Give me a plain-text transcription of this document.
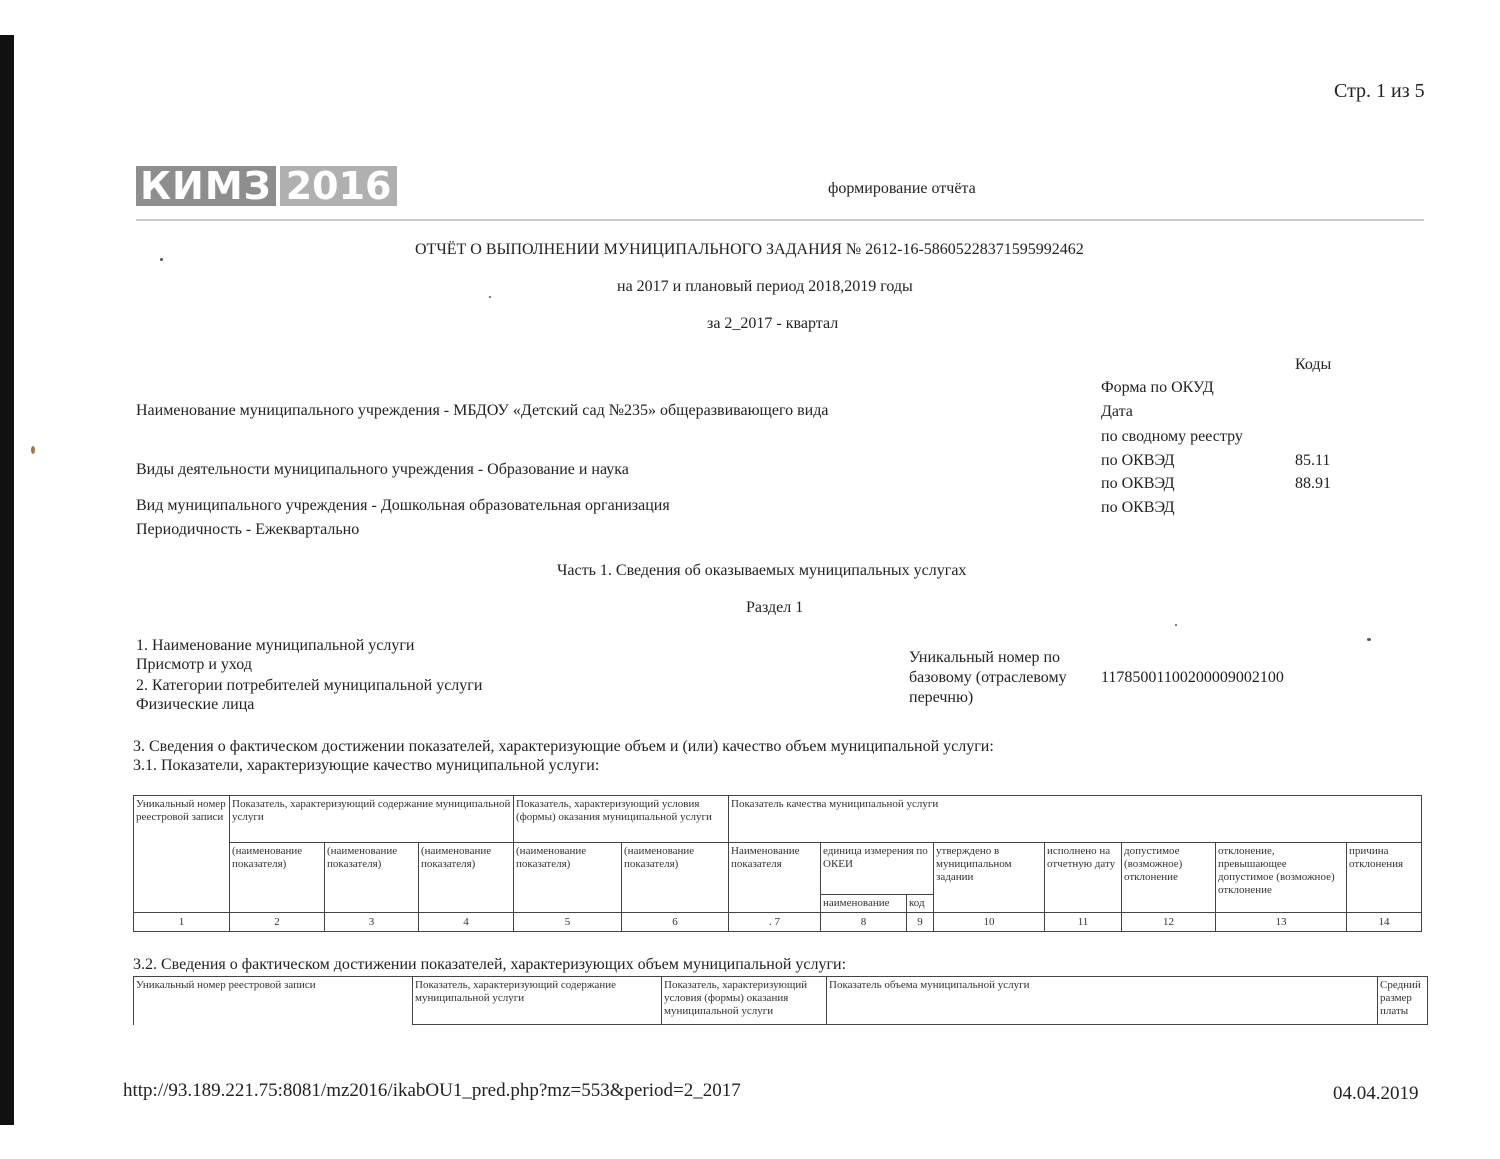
Стр. 1 из 5
КИМЗ 2016	формирование отчёта
ОТЧЁТ О ВЫПОЛНЕНИИ МУНИЦИПАЛЬНОГО ЗАДАНИЯ № 2612-16-5860522837159599246​2
на 2017 и плановый период 2018,2019 годы
за 2_2017 - квартал
Коды
Форма по ОКУД
Дата
по сводному реестру
по ОКВЭД	85.11
по ОКВЭД	88.91
по ОКВЭД
Наименование муниципального учреждения - МБДОУ «Детский сад №235» общеразвивающего вида
Виды деятельности муниципального учреждения - Образование и наука
Вид муниципального учреждения - Дошкольная образовательная организация
Периодичность - Ежеквартально
Часть 1. Сведения об оказываемых муниципальных услугах
Раздел 1
1. Наименование муниципальной услуги
Присмотр и уход
2. Категории потребителей муниципальной услуги
Физические лица
Уникальный номер по
базовому (отраслевому
перечню)
11785001100200009002100
3. Сведения о фактическом достижении показателей, характеризующие объем и (или) качество объем муниципальной услуги:
3.1. Показатели, характеризующие качество муниципальной услуги:
Уникальный номер реестровой записи	Показатель, характеризующий содержание муниципальной услуги			Показатель, характеризующий условия (формы) оказания муниципальной услуги		Показатель качества муниципальной услуги							
	(наименование показателя)	(наименование показателя)	(наименование показателя)	(наименование показателя)	(наименование показателя)	Наименование показателя	единица измерения по ОКЕИ		утверждено в муниципальном задании	исполнено на отчетную дату	допустимое (возможное) отклонение	отклонение, превышающее допустимое (возможное) отклонение	причина отклонения
							наименование	код					
1	2	3	4	5	6	. 7	8	9	10	11	12	13	14
3.2. Сведения о фактическом достижении показателей, характеризующих объем муниципальной услуги:
Уникальный номер реестровой записи	Показатель, характеризующий содержание муниципальной услуги	Показатель, характеризующий условия (формы) оказания муниципальной услуги	Показатель объема муниципальной услуги	Средний размер платы
http://93.189.221.75:8081/mz2016/ikabOU1_pred.php?mz=553&period=2_2017	04.04.2019
